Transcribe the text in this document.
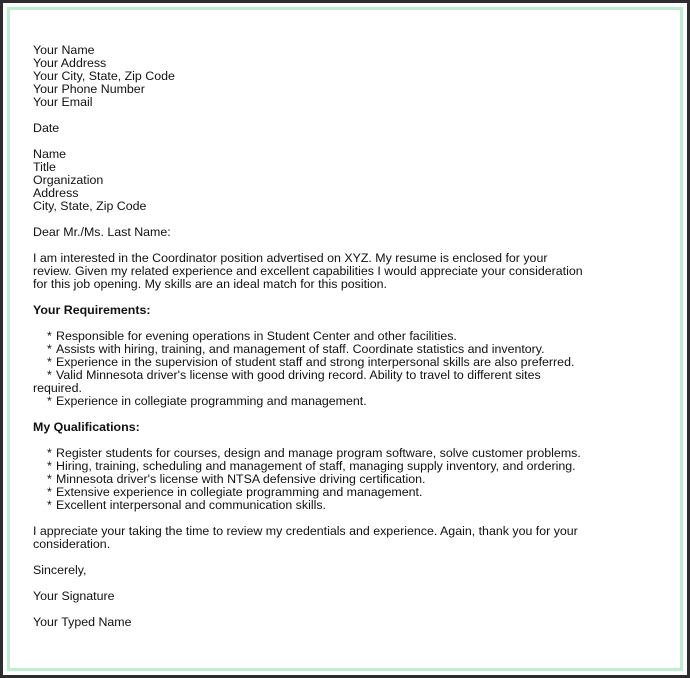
Your Name
Your Address
Your City, State, Zip Code
Your Phone Number
Your Email
Date
Name
Title
Organization
Address
City, State, Zip Code
Dear Mr./Ms. Last Name:
I am interested in the Coordinator position advertised on XYZ. My resume is enclosed for your
review. Given my related experience and excellent capabilities I would appreciate your consideration
for this job opening. My skills are an ideal match for this position.
Your Requirements:
* Responsible for evening operations in Student Center and other facilities.
* Assists with hiring, training, and management of staff. Coordinate statistics and inventory.
* Experience in the supervision of student staff and strong interpersonal skills are also preferred.
* Valid Minnesota driver's license with good driving record. Ability to travel to different sites
required.
* Experience in collegiate programming and management.
My Qualifications:
* Register students for courses, design and manage program software, solve customer problems.
* Hiring, training, scheduling and management of staff, managing supply inventory, and ordering.
* Minnesota driver's license with NTSA defensive driving certification.
* Extensive experience in collegiate programming and management.
* Excellent interpersonal and communication skills.
I appreciate your taking the time to review my credentials and experience. Again, thank you for your
consideration.
Sincerely,
Your Signature
Your Typed Name
